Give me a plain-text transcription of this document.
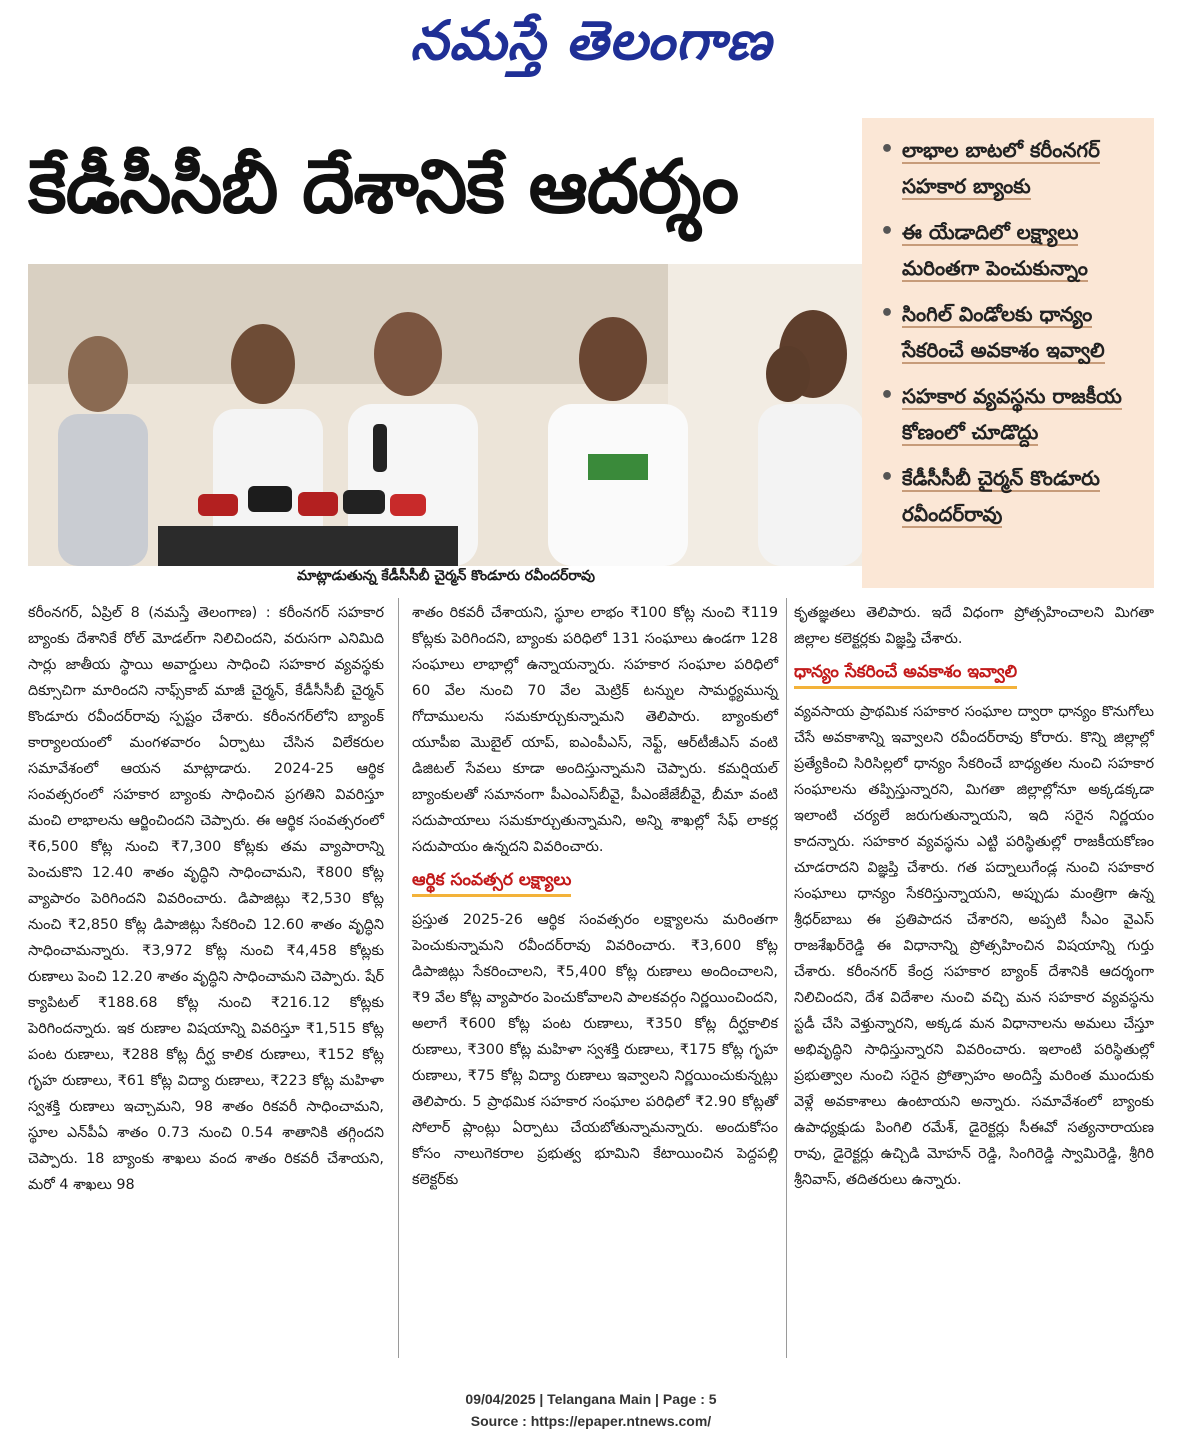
నమస్తే తెలంగాణ
కేడీసీసీబీ దేశానికే ఆదర్శం
మాట్లాడుతున్న కేడీసీసీబీ చైర్మన్ కొండూరు రవీందర్‌రావు
• లాభాల బాటలో కరీంనగర్ సహకార బ్యాంకు
• ఈ యేడాదిలో లక్ష్యాలు మరింతగా పెంచుకున్నాం
• సింగిల్ విండోలకు ధాన్యం సేకరించే అవకాశం ఇవ్వాలి
• సహకార వ్యవస్థను రాజకీయ కోణంలో చూడొద్దు
• కేడీసీసీబీ చైర్మన్ కొండూరు రవీందర్‌రావు

కరీంనగర్, ఏప్రిల్ 8 (నమస్తే తెలంగాణ) : కరీంనగర్ సహకార బ్యాంకు దేశానికే రోల్ మోడల్‌గా నిలిచిందని, వరుసగా ఎనిమిది సార్లు జాతీయ స్థాయి అవార్డులు సాధించి సహకార వ్యవస్థకు దిక్సూచిగా మారిందని నాఫ్స్‌కాబ్ మాజీ చైర్మన్, కేడీసీసీబీ చైర్మన్ కొండూరు రవీందర్‌రావు స్పష్టం చేశారు. కరీంనగర్‌లోని బ్యాంక్ కార్యాలయంలో మంగళవారం ఏర్పాటు చేసిన విలేకరుల సమావేశంలో ఆయన మాట్లాడారు. 2024-25 ఆర్థిక సంవత్సరంలో సహకార బ్యాంకు సాధించిన ప్రగతిని వివరిస్తూ మంచి లాభాలను ఆర్జించిందని చెప్పారు. ఈ ఆర్థిక సంవత్సరంలో ₹6,500 కోట్ల నుంచి ₹7,300 కోట్లకు తమ వ్యాపారాన్ని పెంచుకొని 12.40 శాతం వృద్ధిని సాధించామని, ₹800 కోట్ల వ్యాపారం పెరిగిందని వివరించారు. డిపాజిట్లు ₹2,530 కోట్ల నుంచి ₹2,850 కోట్ల డిపాజిట్లు సేకరించి 12.60 శాతం వృద్ధిని సాధించామన్నారు. ₹3,972 కోట్ల నుంచి ₹4,458 కోట్లకు రుణాలు పెంచి 12.20 శాతం వృద్ధిని సాధించామని చెప్పారు. షేర్ క్యాపిటల్ ₹188.68 కోట్ల నుంచి ₹216.12 కోట్లకు పెరిగిందన్నారు. ఇక రుణాల విషయాన్ని వివరిస్తూ ₹1,515 కోట్ల పంట రుణాలు, ₹288 కోట్ల దీర్ఘ కాలిక రుణాలు, ₹152 కోట్ల గృహ రుణాలు, ₹61 కోట్ల విద్యా రుణాలు, ₹223 కోట్ల మహిళా స్వశక్తి రుణాలు ఇచ్చామని, 98 శాతం రికవరీ సాధించామని, స్థూల ఎన్‌పీఏ శాతం 0.73 నుంచి 0.54 శాతానికి తగ్గిందని చెప్పారు. 18 బ్యాంకు శాఖలు వంద శాతం రికవరీ చేశాయని, మరో 4 శాఖలు 98

శాతం రికవరీ చేశాయని, స్థూల లాభం ₹100 కోట్ల నుంచి ₹119 కోట్లకు పెరిగిందని, బ్యాంకు పరిధిలో 131 సంఘాలు ఉండగా 128 సంఘాలు లాభాల్లో ఉన్నాయన్నారు. సహకార సంఘాల పరిధిలో 60 వేల నుంచి 70 వేల మెట్రిక్ టన్నుల సామర్థ్యమున్న గోదాములను సమకూర్చుకున్నామని తెలిపారు. బ్యాంకులో యూపీఐ మొబైల్ యాప్, ఐఎంపీఎస్, నెఫ్ట్, ఆర్‌టీజీఎస్ వంటి డిజిటల్ సేవలు కూడా అందిస్తున్నామని చెప్పారు. కమర్షియల్ బ్యాంకులతో సమానంగా పీఎంఎస్‌బీవై, పీఎంజేజేబీవై, బీమా వంటి సదుపాయాలు సమకూర్చుతున్నామని, అన్ని శాఖల్లో సేఫ్ లాకర్ల సదుపాయం ఉన్నదని వివరించారు.

ఆర్థిక సంవత్సర లక్ష్యాలు

ప్రస్తుత 2025-26 ఆర్థిక సంవత్సరం లక్ష్యాలను మరింతగా పెంచుకున్నామని రవీందర్‌రావు వివరించారు. ₹3,600 కోట్ల డిపాజిట్లు సేకరించాలని, ₹5,400 కోట్ల రుణాలు అందించాలని, ₹9 వేల కోట్ల వ్యాపారం పెంచుకోవాలని పాలకవర్గం నిర్ణయించిందని, అలాగే ₹600 కోట్ల పంట రుణాలు, ₹350 కోట్ల దీర్ఘకాలిక రుణాలు, ₹300 కోట్ల మహిళా స్వశక్తి రుణాలు, ₹175 కోట్ల గృహ రుణాలు, ₹75 కోట్ల విద్యా రుణాలు ఇవ్వాలని నిర్ణయించుకున్నట్లు తెలిపారు. 5 ప్రాథమిక సహకార సంఘాల పరిధిలో ₹2.90 కోట్లతో సోలార్ ప్లాంట్లు ఏర్పాటు చేయబోతున్నామన్నారు. అందుకోసం కోసం నాలుగెకరాల ప్రభుత్వ భూమిని కేటాయించిన పెద్దపల్లి కలెక్టర్‌కు

కృతజ్ఞతలు తెలిపారు. ఇదే విధంగా ప్రోత్సహించాలని మిగతా జిల్లాల కలెక్టర్లకు విజ్ఞప్తి చేశారు.

ధాన్యం సేకరించే అవకాశం ఇవ్వాలి

వ్యవసాయ ప్రాథమిక సహకార సంఘాల ద్వారా ధాన్యం కొనుగోలు చేసే అవకాశాన్ని ఇవ్వాలని రవీందర్‌రావు కోరారు. కొన్ని జిల్లాల్లో ప్రత్యేకించి సిరిసిల్లలో ధాన్యం సేకరించే బాధ్యతల నుంచి సహకార సంఘాలను తప్పిస్తున్నారని, మిగతా జిల్లాల్లోనూ అక్కడక్కడా ఇలాంటి చర్యలే జరుగుతున్నాయని, ఇది సరైన నిర్ణయం కాదన్నారు. సహకార వ్యవస్థను ఎట్టి పరిస్థితుల్లో రాజకీయకోణం చూడరాదని విజ్ఞప్తి చేశారు. గత పద్నాలుగేండ్ల నుంచి సహకార సంఘాలు ధాన్యం సేకరిస్తున్నాయని, అప్పుడు మంత్రిగా ఉన్న శ్రీధర్‌బాబు ఈ ప్రతిపాదన చేశారని, అప్పటి సీఎం వైఎస్ రాజశేఖర్‌రెడ్డి ఈ విధానాన్ని ప్రోత్సహించిన విషయాన్ని గుర్తు చేశారు. కరీంనగర్ కేంద్ర సహకార బ్యాంక్ దేశానికి ఆదర్శంగా నిలిచిందని, దేశ విదేశాల నుంచి వచ్చి మన సహకార వ్యవస్థను స్టడీ చేసి వెళ్తున్నారని, అక్కడ మన విధానాలను అమలు చేస్తూ అభివృద్ధిని సాధిస్తున్నారని వివరించారు. ఇలాంటి పరిస్థితుల్లో ప్రభుత్వాల నుంచి సరైన ప్రోత్సాహం అందిస్తే మరింత ముందుకు వెళ్లే అవకాశాలు ఉంటాయని అన్నారు. సమావేశంలో బ్యాంకు ఉపాధ్యక్షుడు పింగిలి రమేశ్, డైరెక్టర్లు సీఈవో సత్యనారాయణ రావు, డైరెక్టర్లు ఉచ్చిడి మోహన్ రెడ్డి, సింగిరెడ్డి స్వామిరెడ్డి, శ్రీగిరి శ్రీనివాస్, తదితరులు ఉన్నారు.

09/04/2025 | Telangana Main | Page : 5
Source : https://epaper.ntnews.com/
